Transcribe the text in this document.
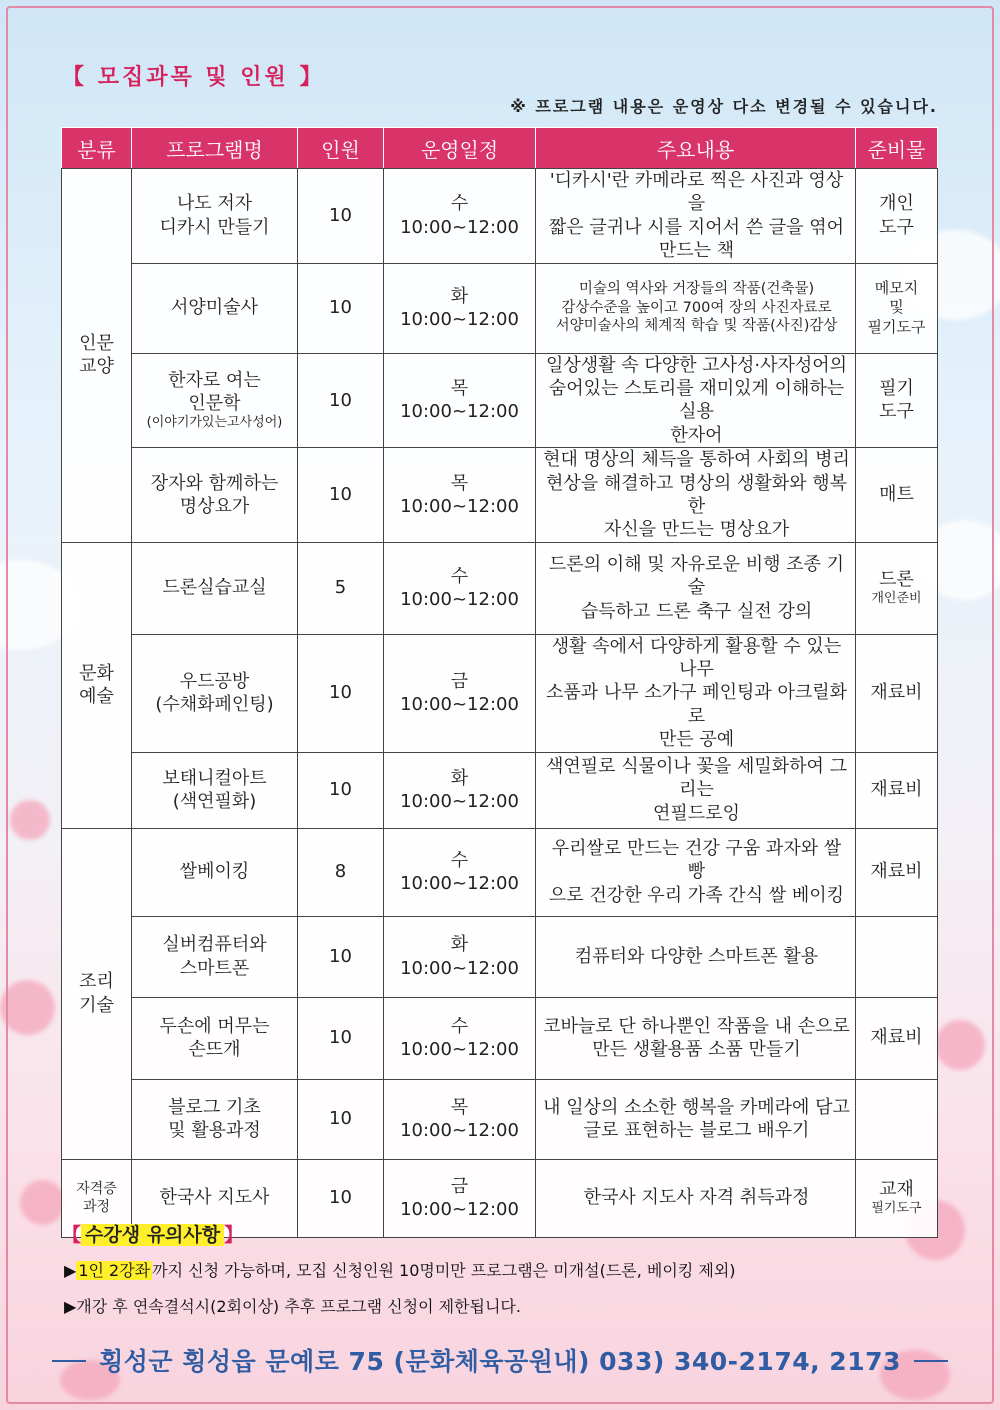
【 모집과목 및 인원 】
※ 프로그램 내용은 운영상 다소 변경될 수 있습니다.
분류	프로그램명	인원	운영일정	주요내용	준비물

인문
교양	나도 저자
디카시 만들기	10	수
10:00~12:00	'디카시'란 카메라로 찍은 사진과 영상을
짧은 글귀나 시를 지어서 쓴 글을 엮어
만드는 책	개인
도구

	서양미술사	10	화
10:00~12:00	미술의 역사와 거장들의 작품(건축물)
감상수준을 높이고 700여 장의 사진자료로
서양미술사의 체계적 학습 및 작품(사진)감상	메모지
및
필기도구

	한자로 여는
인문학
(이야기가있는고사성어)	10	목
10:00~12:00	일상생활 속 다양한 고사성·사자성어의
숨어있는 스토리를 재미있게 이해하는 실용
한자어	필기
도구

	장자와 함께하는
명상요가	10	목
10:00~12:00	현대 명상의 체득을 통하여 사회의 병리
현상을 해결하고 명상의 생활화와 행복한
자신을 만드는 명상요가	매트

문화
예술	드론실습교실	5	수
10:00~12:00	드론의 이해 및 자유로운 비행 조종 기술
습득하고 드론 축구 실전 강의	드론
개인준비

	우드공방
(수채화페인팅)	10	금
10:00~12:00	생활 속에서 다양하게 활용할 수 있는 나무
소품과 나무 소가구 페인팅과 아크릴화로
만든 공예	재료비

	보태니컬아트
(색연필화)	10	화
10:00~12:00	색연필로 식물이나 꽃을 세밀화하여 그리는
연필드로잉	재료비

조리
기술	쌀베이킹	8	수
10:00~12:00	우리쌀로 만드는 건강 구움 과자와 쌀 빵
으로 건강한 우리 가족 간식 쌀 베이킹	재료비

	실버컴퓨터와
스마트폰	10	화
10:00~12:00	컴퓨터와 다양한 스마트폰 활용	

	두손에 머무는
손뜨개	10	수
10:00~12:00	코바늘로 단 하나뿐인 작품을 내 손으로
만든 생활용품 소품 만들기	재료비

	블로그 기초
및 활용과정	10	목
10:00~12:00	내 일상의 소소한 행복을 카메라에 담고
글로 표현하는 블로그 배우기	

자격증
과정	한국사 지도사	10	금
10:00~12:00	한국사 지도사 자격 취득과정	교재
필기도구
【 수강생 유의사항 】
▶ 1인 2강좌 까지 신청 가능하며, 모집 신청인원 10명미만 프로그램은 미개설(드론, 베이킹 제외)
▶개강 후 연속결석시(2회이상) 추후 프로그램 신청이 제한됩니다.
횡성군 횡성읍 문예로 75 (문화체육공원내) 033) 340-2174, 2173
